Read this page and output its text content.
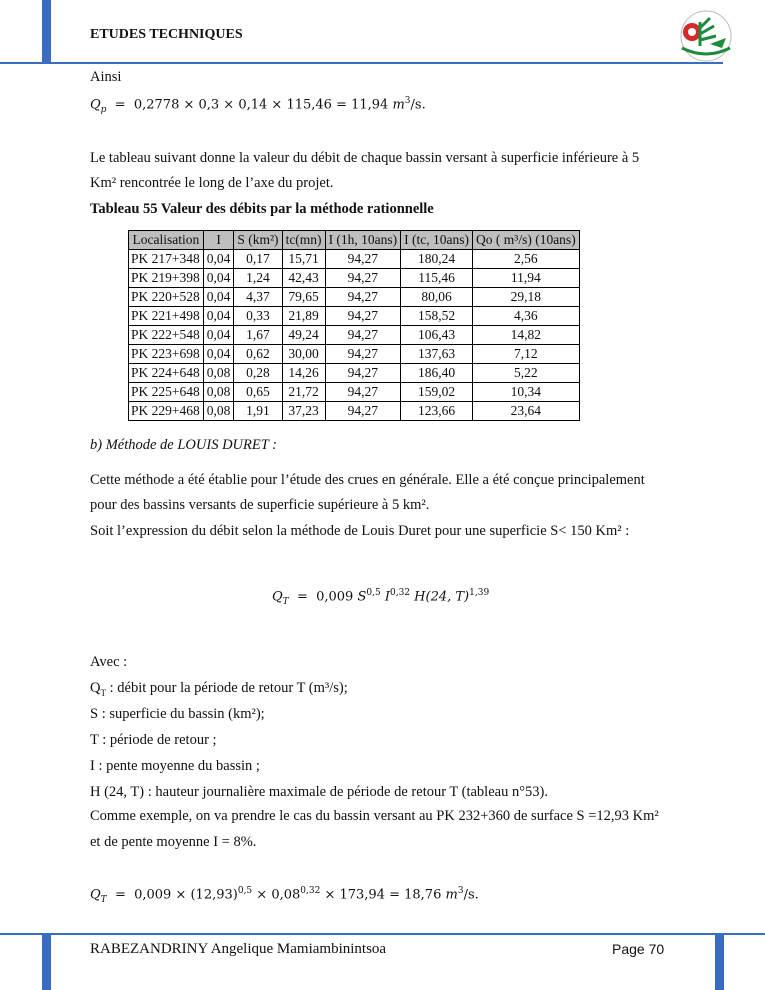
ETUDES TECHNIQUES
Ainsi
$Q_p = 0,2778 \times 0,3 \times 0,14 \times 115,46 = 11,94$ $m^3/s$.
Le tableau suivant donne la valeur du débit de chaque bassin versant à superficie inférieure à 5
Km² rencontrée le long de l’axe du projet.
Tableau 55 Valeur des débits par la méthode rationnelle
Localisation	I	S (km²)	tc(mn)	I (1h, 10ans)	I (tc, 10ans)	Qo ( m³/s) (10ans)
PK 217+348	0,04	0,17	15,71	94,27	180,24	2,56
PK 219+398	0,04	1,24	42,43	94,27	115,46	11,94
PK 220+528	0,04	4,37	79,65	94,27	80,06	29,18
PK 221+498	0,04	0,33	21,89	94,27	158,52	4,36
PK 222+548	0,04	1,67	49,24	94,27	106,43	14,82
PK 223+698	0,04	0,62	30,00	94,27	137,63	7,12
PK 224+648	0,08	0,28	14,26	94,27	186,40	5,22
PK 225+648	0,08	0,65	21,72	94,27	159,02	10,34
PK 229+468	0,08	1,91	37,23	94,27	123,66	23,64
b) Méthode de LOUIS DURET :
Cette méthode a été établie pour l’étude des crues en générale. Elle a été conçue principalement
pour des bassins versants de superficie supérieure à 5 km².
Soit l’expression du débit selon la méthode de Louis Duret pour une superficie S< 150 Km² :
$Q_T = 0,009$ S$^{0,5}$ I$^{0,32}$ H(24, T)$^{1,39}$
Avec :
$Q_T$ : débit pour la période de retour T (m³/s);
S : superficie du bassin (km²);
T : période de retour ;
I : pente moyenne du bassin ;
H (24, T) : hauteur journalière maximale de période de retour T (tableau n°53).
Comme exemple, on va prendre le cas du bassin versant au PK 232+360 de surface S =12,93 Km²
et de pente moyenne I = 8%.
$Q_T = 0,009 \times (12,93)^{0,5} \times 0,08^{0,32} \times 173,94 = 18,76$ $m^3/s$.
RABEZANDRINY Angelique Mamiambinintsoa	Page 70
